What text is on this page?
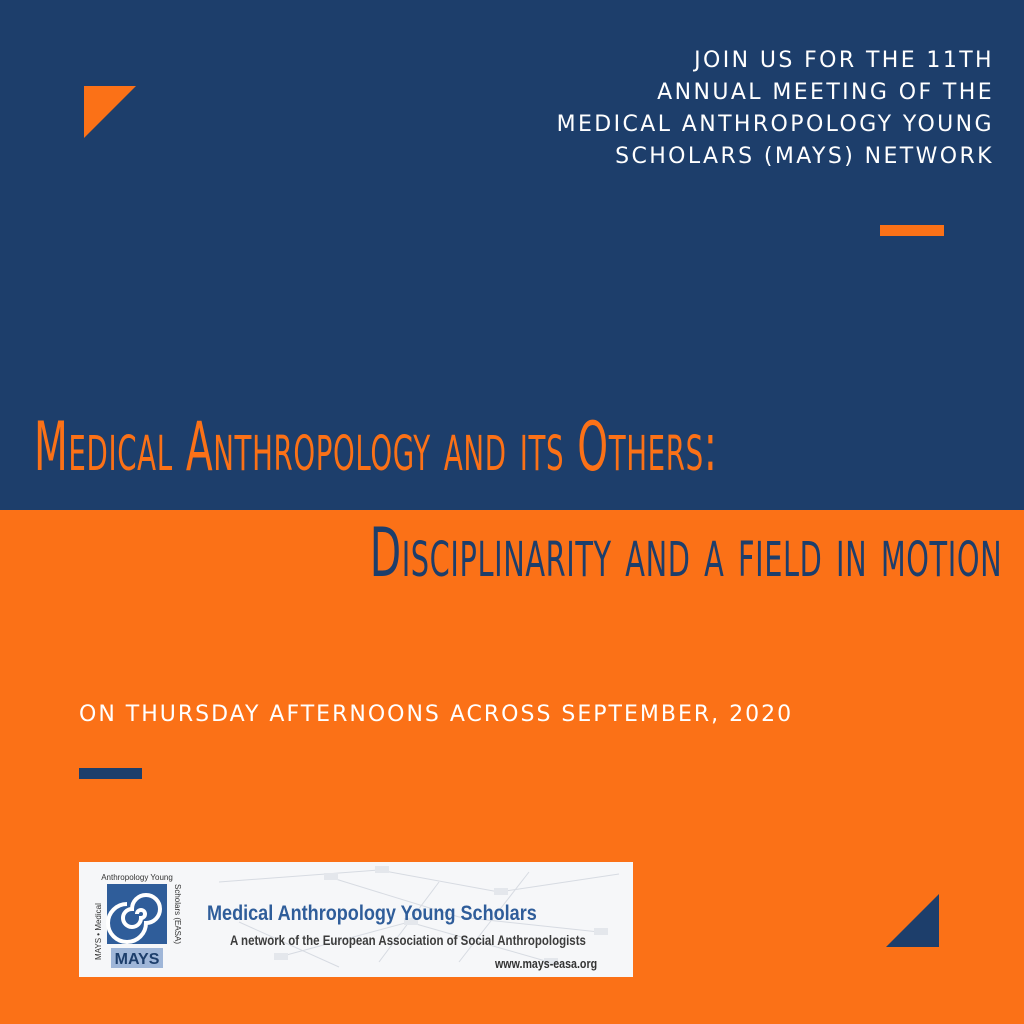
JOIN US FOR THE 11TH
ANNUAL MEETING OF THE
MEDICAL ANTHROPOLOGY YOUNG
SCHOLARS (MAYS) NETWORK
Medical Anthropology and its Others:
Disciplinarity and a field in motion
ON THURSDAY AFTERNOONS ACROSS SEPTEMBER, 2020
MAYS
Anthropology Young
MAYS • Medical	Scholars (EASA) Medical Anthropology Young Scholars
A network of the European Association of Social Anthropologists
www.mays-easa.org
